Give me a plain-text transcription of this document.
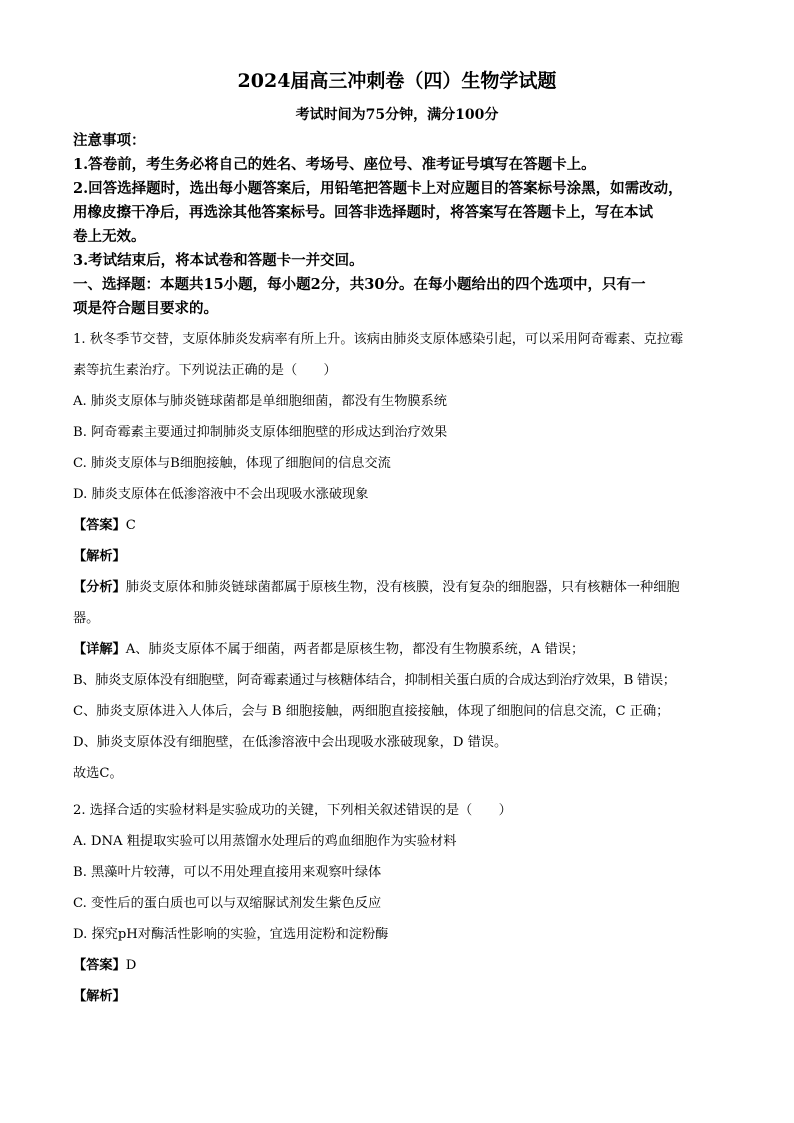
2024届高三冲刺卷（四）生物学试题
考试时间为75分钟，满分100分
注意事项：
1.答卷前，考生务必将自己的姓名、考场号、座位号、准考证号填写在答题卡上。
2.回答选择题时，选出每小题答案后，用铅笔把答题卡上对应题目的答案标号涂黑，如需改动，
用橡皮擦干净后，再选涂其他答案标号。回答非选择题时，将答案写在答题卡上，写在本试
卷上无效。
3.考试结束后，将本试卷和答题卡一并交回。
一、选择题：本题共15小题，每小题2分，共30分。在每小题给出的四个选项中，只有一
项是符合题目要求的。
1. 秋冬季节交替，支原体肺炎发病率有所上升。该病由肺炎支原体感染引起，可以采用阿奇霉素、克拉霉
素等抗生素治疗。下列说法正确的是（　　）
A. 肺炎支原体与肺炎链球菌都是单细胞细菌，都没有生物膜系统
B. 阿奇霉素主要通过抑制肺炎支原体细胞壁的形成达到治疗效果
C. 肺炎支原体与B细胞接触，体现了细胞间的信息交流
D. 肺炎支原体在低渗溶液中不会出现吸水涨破现象
【答案】C
【解析】
【分析】肺炎支原体和肺炎链球菌都属于原核生物，没有核膜，没有复杂的细胞器，只有核糖体一种细胞
器。
【详解】A、肺炎支原体不属于细菌，两者都是原核生物，都没有生物膜系统，A 错误；
B、肺炎支原体没有细胞壁，阿奇霉素通过与核糖体结合，抑制相关蛋白质的合成达到治疗效果，B 错误；
C、肺炎支原体进入人体后，会与 B 细胞接触，两细胞直接接触，体现了细胞间的信息交流，C 正确；
D、肺炎支原体没有细胞壁，在低渗溶液中会出现吸水涨破现象，D 错误。
故选C。
2. 选择合适的实验材料是实验成功的关键，下列相关叙述错误的是（　　）
A. DNA 粗提取实验可以用蒸馏水处理后的鸡血细胞作为实验材料
B. 黑藻叶片较薄，可以不用处理直接用来观察叶绿体
C. 变性后的蛋白质也可以与双缩脲试剂发生紫色反应
D. 探究pH对酶活性影响的实验，宜选用淀粉和淀粉酶
【答案】D
【解析】
